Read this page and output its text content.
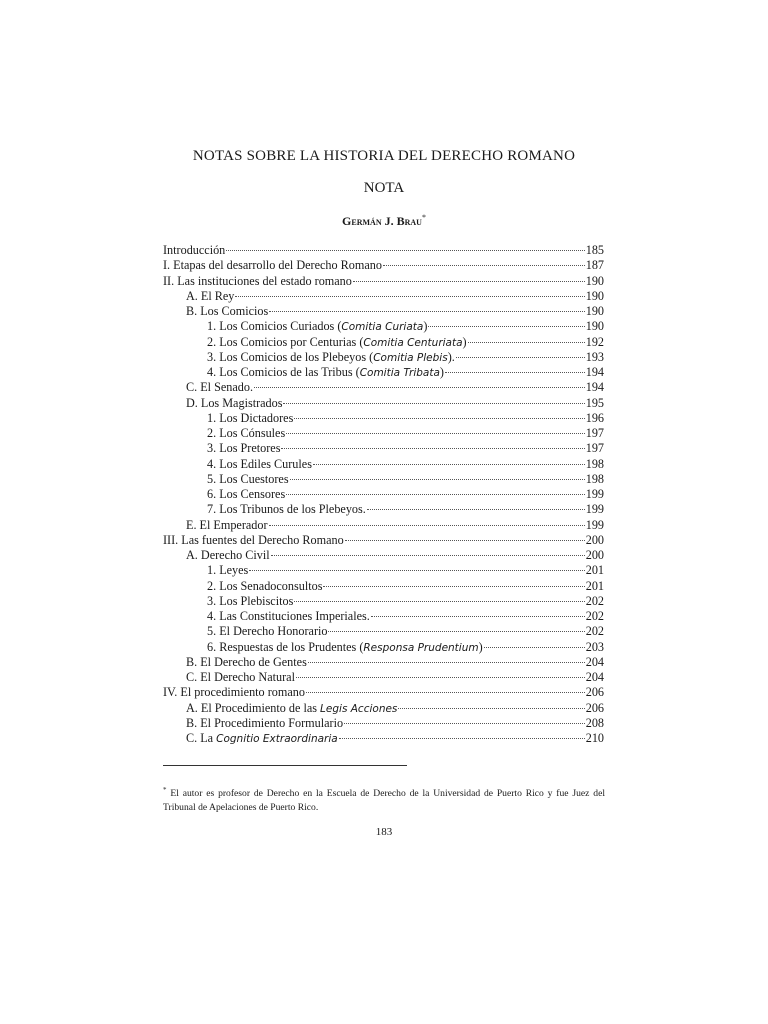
NOTAS SOBRE LA HISTORIA DEL DERECHO ROMANO
NOTA
Germán J. Brau*
Introducción	185
I. Etapas del desarrollo del Derecho Romano	187
II. Las instituciones del estado romano	190
A. El Rey	190
B. Los Comicios	190
1. Los Comicios Curiados (Comitia Curiata)	190
2. Los Comicios por Centurias (Comitia Centuriata)	192
3. Los Comicios de los Plebeyos (Comitia Plebis).	193
4. Los Comicios de las Tribus (Comitia Tribata)	194
C. El Senado.	194
D. Los Magistrados	195
1. Los Dictadores	196
2. Los Cónsules	197
3. Los Pretores	197
4. Los Ediles Curules	198
5. Los Cuestores	198
6. Los Censores	199
7. Los Tribunos de los Plebeyos.	199
E. El Emperador	199
III. Las fuentes del Derecho Romano	200
A. Derecho Civil	200
1. Leyes	201
2. Los Senadoconsultos	201
3. Los Plebiscitos	202
4. Las Constituciones Imperiales.	202
5. El Derecho Honorario	202
6. Respuestas de los Prudentes (Responsa Prudentium)	203
B. El Derecho de Gentes	204
C. El Derecho Natural	204
IV. El procedimiento romano	206
A. El Procedimiento de las Legis Acciones	206
B. El Procedimiento Formulario	208
C. La Cognitio Extraordinaria	210
* El autor es profesor de Derecho en la Escuela de Derecho de la Universidad de Puerto Rico y fue Juez del Tribunal de Apelaciones de Puerto Rico.
183
